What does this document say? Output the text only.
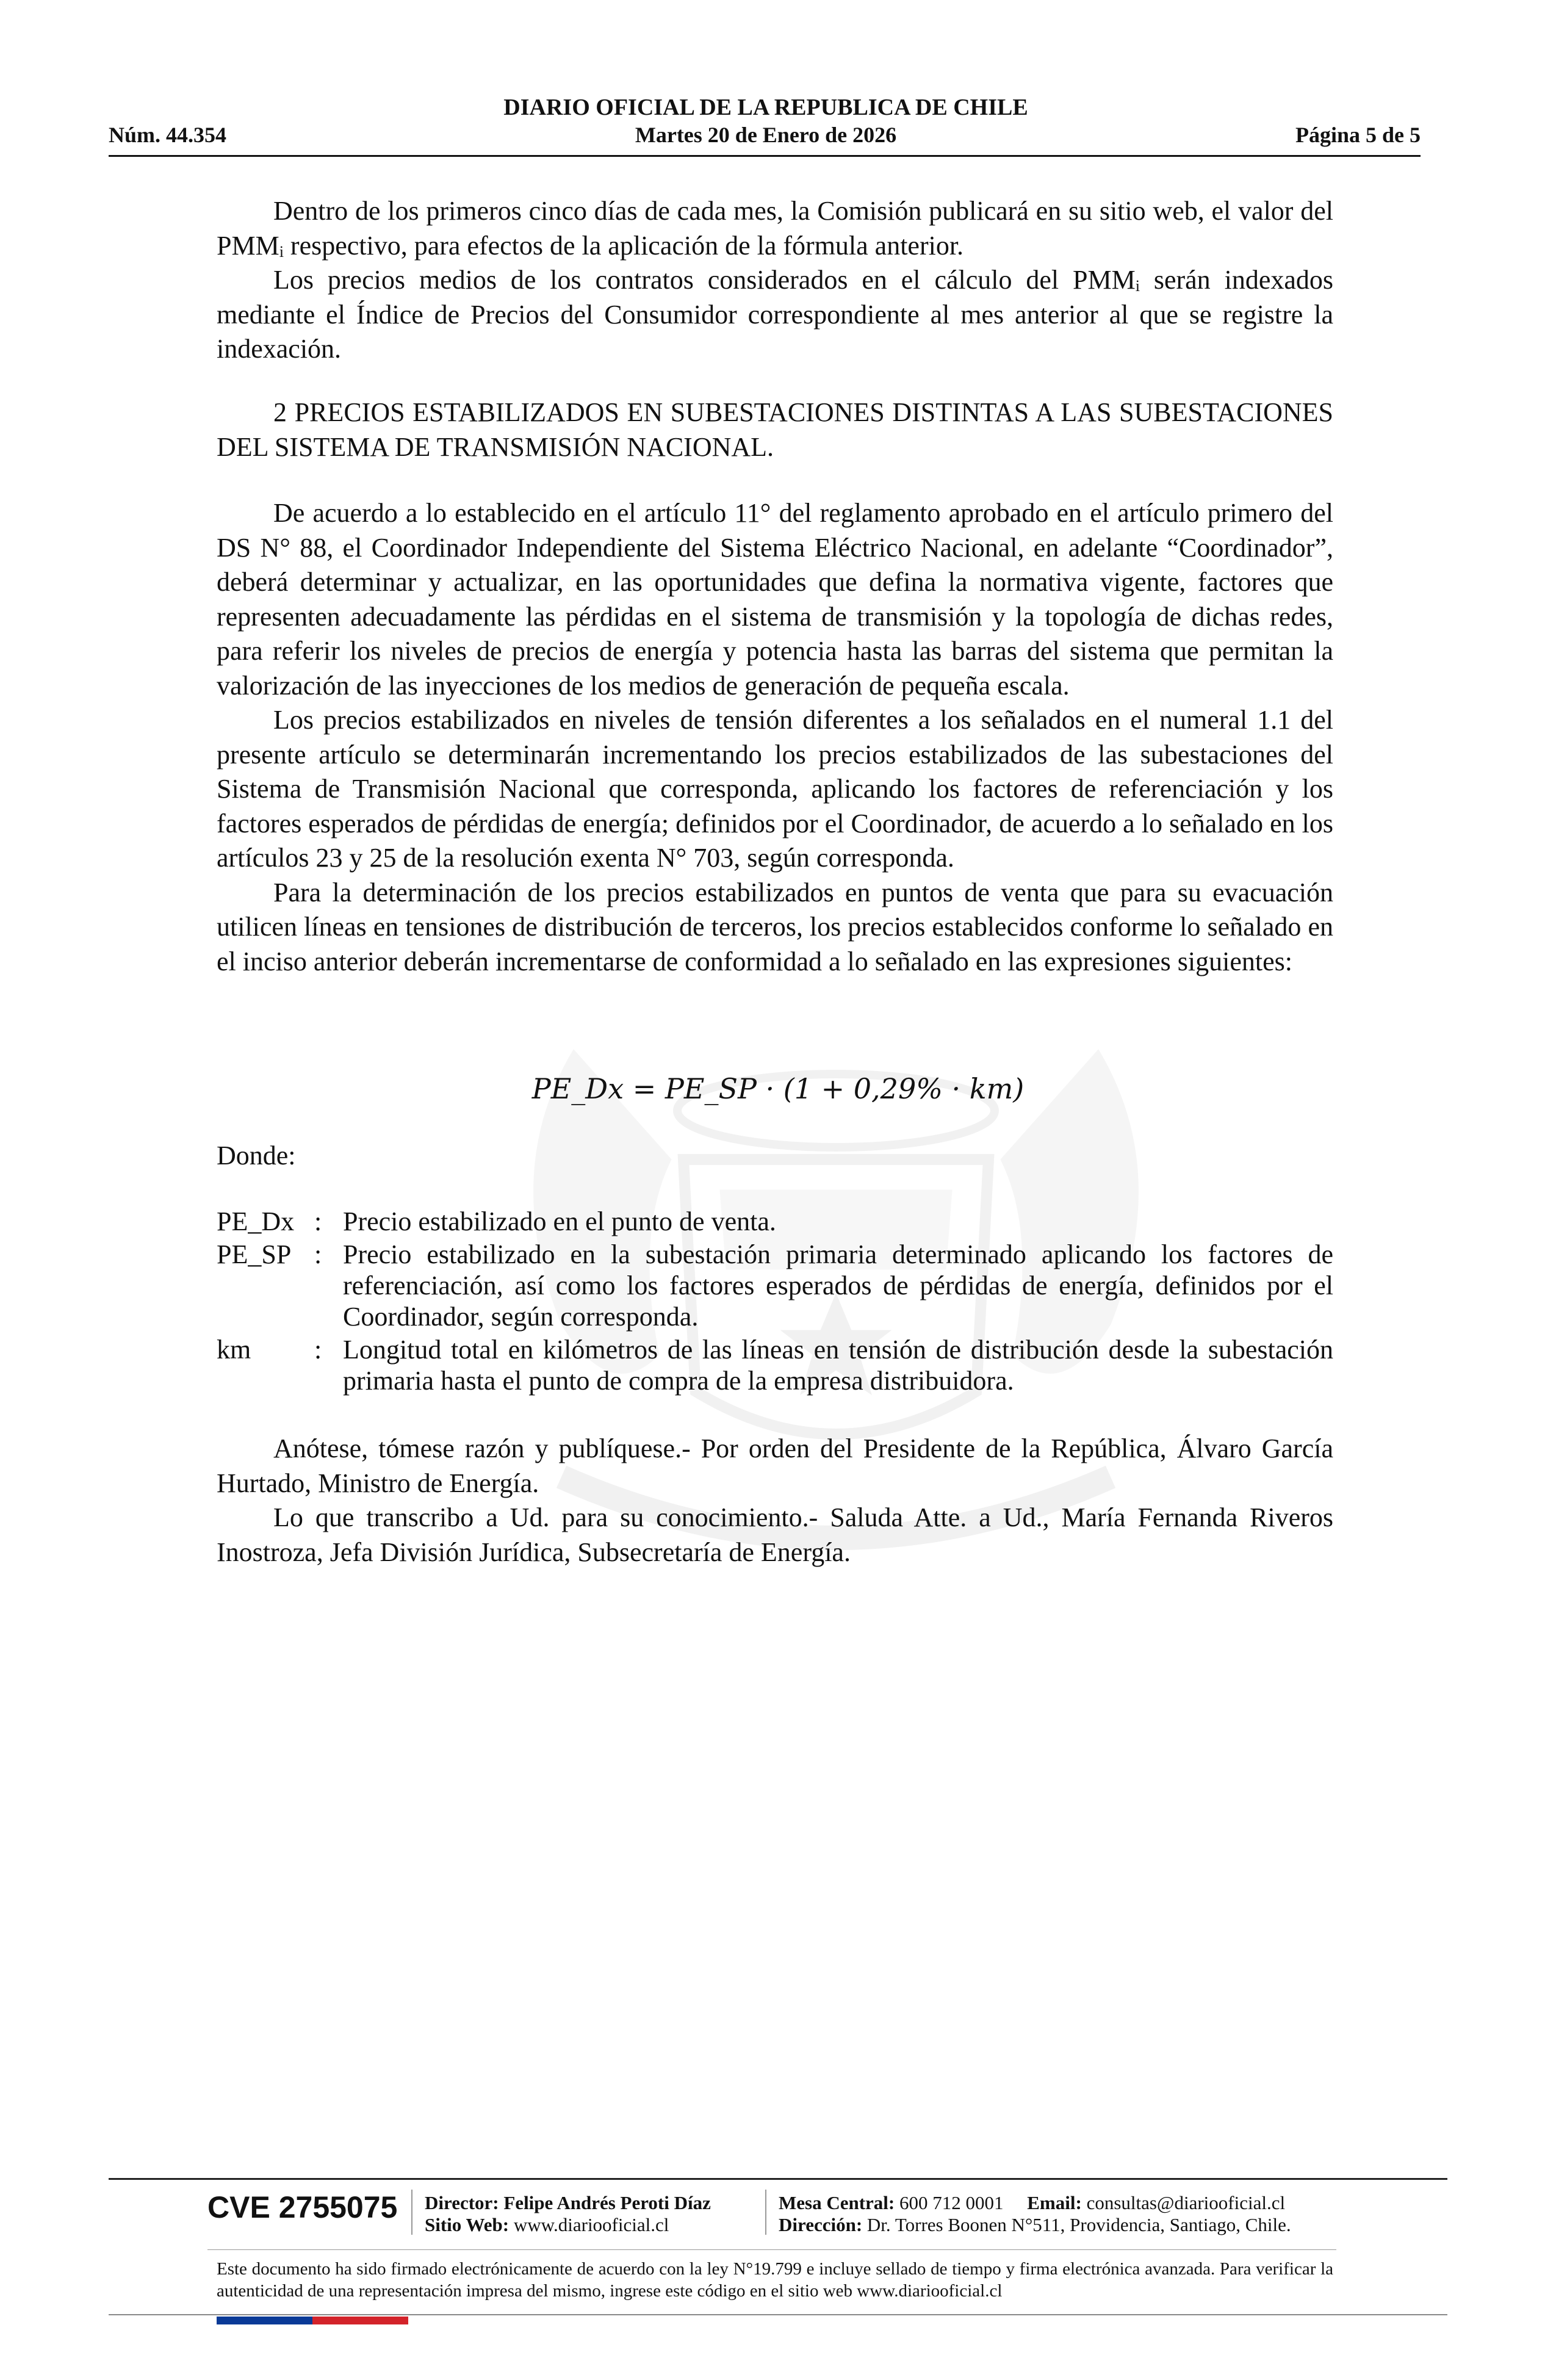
DIARIO OFICIAL DE LA REPUBLICA DE CHILE
Núm. 44.354	Martes 20 de Enero de 2026	Página 5 de 5

Dentro de los primeros cinco días de cada mes, la Comisión publicará en su sitio web, el valor del PMMᵢ respectivo, para efectos de la aplicación de la fórmula anterior.

Los precios medios de los contratos considerados en el cálculo del PMMᵢ serán indexados mediante el Índice de Precios del Consumidor correspondiente al mes anterior al que se registre la indexación.

2 PRECIOS ESTABILIZADOS EN SUBESTACIONES DISTINTAS A LAS SUBESTACIONES DEL SISTEMA DE TRANSMISIÓN NACIONAL.

De acuerdo a lo establecido en el artículo 11° del reglamento aprobado en el artículo primero del DS N° 88, el Coordinador Independiente del Sistema Eléctrico Nacional, en adelante “Coordinador”, deberá determinar y actualizar, en las oportunidades que defina la normativa vigente, factores que representen adecuadamente las pérdidas en el sistema de transmisión y la topología de dichas redes, para referir los niveles de precios de energía y potencia hasta las barras del sistema que permitan la valorización de las inyecciones de los medios de generación de pequeña escala.

Los precios estabilizados en niveles de tensión diferentes a los señalados en el numeral 1.1 del presente artículo se determinarán incrementando los precios estabilizados de las subestaciones del Sistema de Transmisión Nacional que corresponda, aplicando los factores de referenciación y los factores esperados de pérdidas de energía; definidos por el Coordinador, de acuerdo a lo señalado en los artículos 23 y 25 de la resolución exenta N° 703, según corresponda.

Para la determinación de los precios estabilizados en puntos de venta que para su evacuación utilicen líneas en tensiones de distribución de terceros, los precios establecidos conforme lo señalado en el inciso anterior deberán incrementarse de conformidad a lo señalado en las expresiones siguientes:

PE_Dx = PE_SP · (1 + 0,29% · km)
Donde:
PE_Dx : Precio estabilizado en el punto de venta.
PE_SP : Precio estabilizado en la subestación primaria determinado aplicando los factores de referenciación, así como los factores esperados de pérdidas de energía, definidos por el Coordinador, según corresponda.
km	: Longitud total en kilómetros de las líneas en tensión de distribución desde la subestación primaria hasta el punto de compra de la empresa distribuidora.

Anótese, tómese razón y publíquese.- Por orden del Presidente de la República, Álvaro García Hurtado, Ministro de Energía.

Lo que transcribo a Ud. para su conocimiento.- Saluda Atte. a Ud., María Fernanda Riveros Inostroza, Jefa División Jurídica, Subsecretaría de Energía.

CVE 2755075 Director: Felipe Andrés Peroti Díaz
Sitio Web: www.diariooficial.cl
Mesa Central: 600 712 0001 Email: consultas@diariooficial.cl
Dirección: Dr. Torres Boonen N°511, Providencia, Santiago, Chile.
Este documento ha sido firmado electrónicamente de acuerdo con la ley N°19.799 e incluye sellado de tiempo y firma electrónica avanzada. Para verificar la autenticidad de una representación impresa del mismo, ingrese este código en el sitio web www.diariooficial.cl
